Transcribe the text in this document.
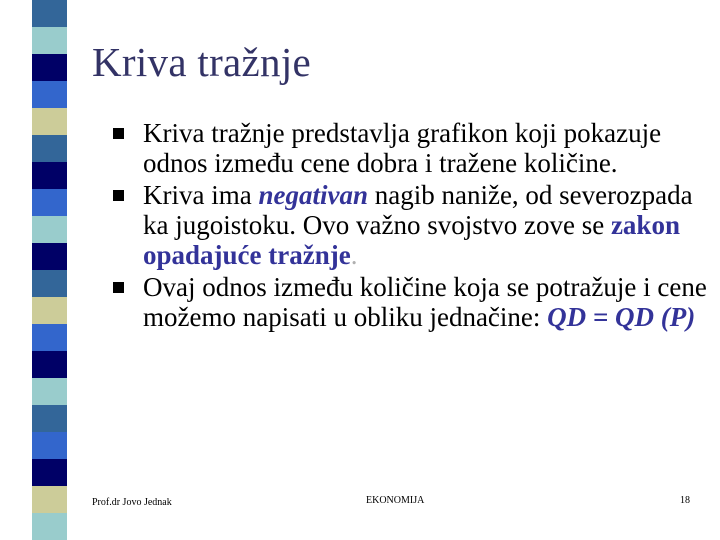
Kriva tražnje
Kriva tražnje predstavlja grafikon koji pokazuje odnos između cene dobra i tražene količine.
Kriva ima negativan nagib naniže, od severozpada ka jugoistoku. Ovo važno svojstvo zove se zakon opadajuće tražnje.
Ovaj odnos između količine koja se potražuje i cene možemo napisati u obliku jednačine: QD = QD (P)
Prof.dr Jovo Jednak	EKONOMIJA	18
